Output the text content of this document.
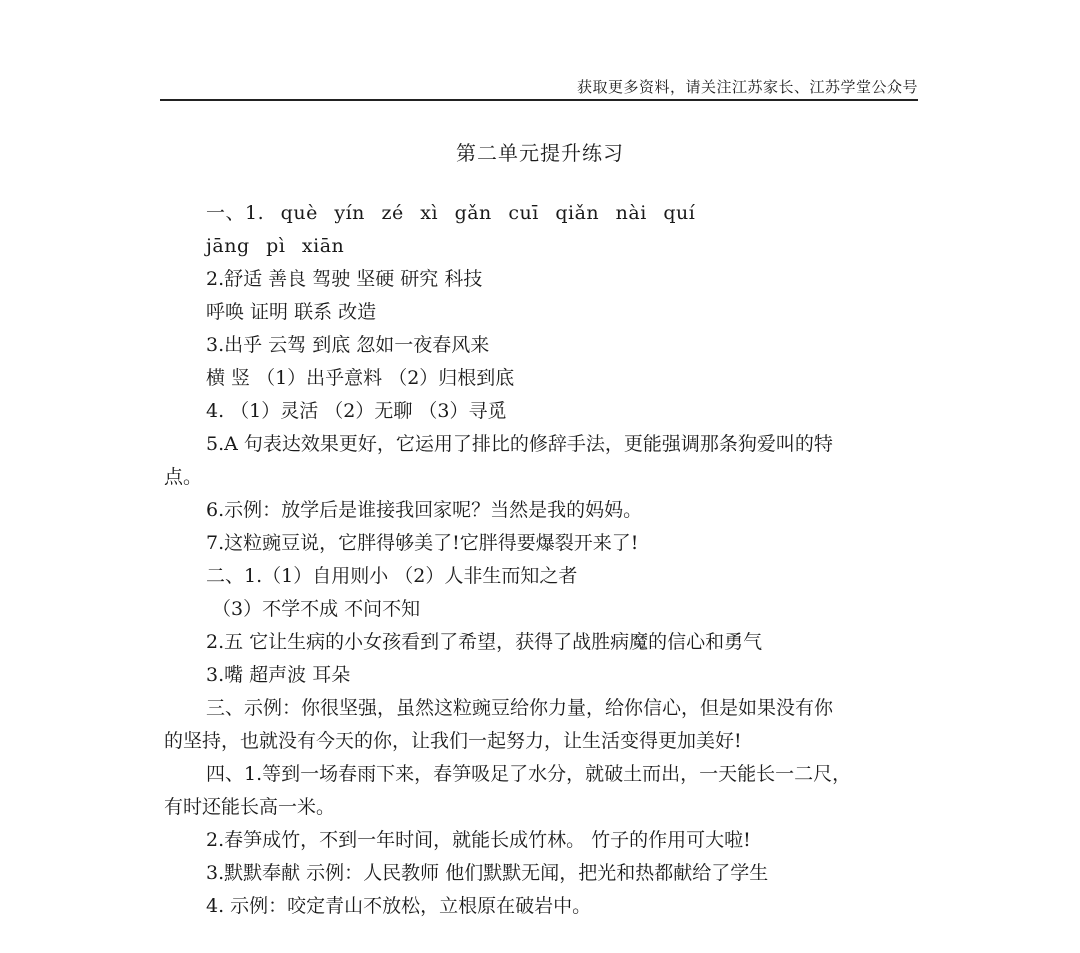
获取更多资料，请关注江苏家长、江苏学堂公众号
第二单元提升练习
一、1. què yín zé xì gǎn cuī qiǎn nài quí
jāng pì xiān
2.舒适 善良 驾驶 坚硬 研究 科技
呼唤 证明 联系 改造
3.出乎 云驾 到底 忽如一夜春风来
横 竖 （1）出乎意料 （2）归根到底
4. （1）灵活 （2）无聊 （3）寻觅
5.A 句表达效果更好，它运用了排比的修辞手法，更能强调那条狗爱叫的特
点。
6.示例：放学后是谁接我回家呢？当然是我的妈妈。
7.这粒豌豆说，它胖得够美了!它胖得要爆裂开来了!
二、1.（1）自用则小 （2）人非生而知之者
（3）不学不成 不问不知
2.五 它让生病的小女孩看到了希望，获得了战胜病魔的信心和勇气
3.嘴 超声波 耳朵
三、示例：你很坚强，虽然这粒豌豆给你力量，给你信心，但是如果没有你
的坚持，也就没有今天的你，让我们一起努力，让生活变得更加美好!
四、1.等到一场春雨下来，春笋吸足了水分，就破土而出，一天能长一二尺，
有时还能长高一米。
2.春笋成竹，不到一年时间，就能长成竹林。 竹子的作用可大啦!
3.默默奉献 示例：人民教师 他们默默无闻，把光和热都献给了学生
4. 示例：咬定青山不放松，立根原在破岩中。
